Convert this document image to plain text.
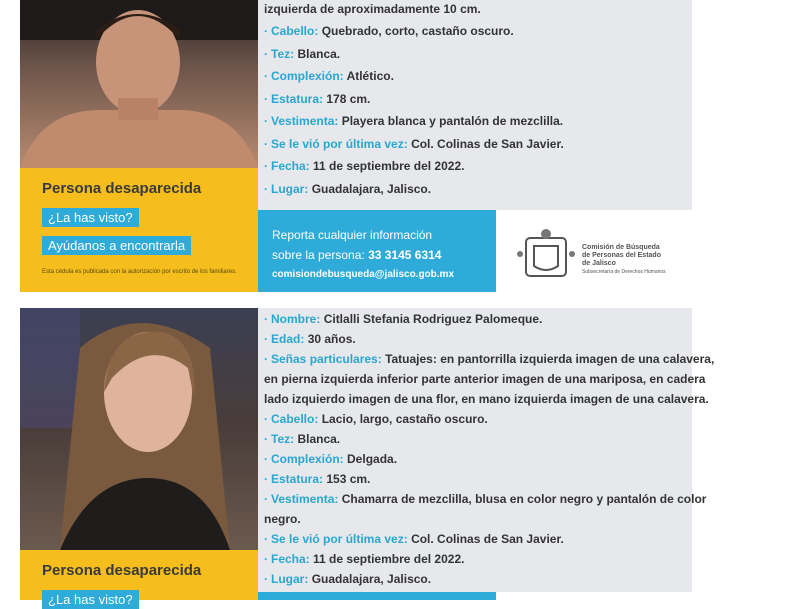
izquierda de aproximadamente 10 cm.
· Cabello: Quebrado, corto, castaño oscuro.
· Tez: Blanca.
· Complexión: Atlético.
· Estatura: 178 cm.
· Vestimenta: Playera blanca y pantalón de mezclilla.
· Se le vió por última vez: Col. Colinas de San Javier.
· Fecha: 11 de septiembre del 2022.
· Lugar: Guadalajara, Jalisco.
Persona desaparecida
¿La has visto?
Ayúdanos a encontrarla
Esta cédula es publicada con la autorización por escrito de los familiares.
Reporta cualquier información
sobre la persona: 33 3145 6314
comisiondebusqueda@jalisco.gob.mx
Comisión de Búsqueda
de Personas del Estado
de Jalisco
Subsecretaría de Derechos Humanos
· Nombre: Citlalli Stefania Rodriguez Palomeque.
· Edad: 30 años.
· Señas particulares: Tatuajes: en pantorrilla izquierda imagen de una calavera,
en pierna izquierda inferior parte anterior imagen de una mariposa, en cadera
lado izquierdo imagen de una flor, en mano izquierda imagen de una calavera.
· Cabello: Lacio, largo, castaño oscuro.
· Tez: Blanca.
· Complexión: Delgada.
· Estatura: 153 cm.
· Vestimenta: Chamarra de mezclilla, blusa en color negro y pantalón de color
negro.
· Se le vió por última vez: Col. Colinas de San Javier.
· Fecha: 11 de septiembre del 2022.
· Lugar: Guadalajara, Jalisco.
Persona desaparecida
¿La has visto?
